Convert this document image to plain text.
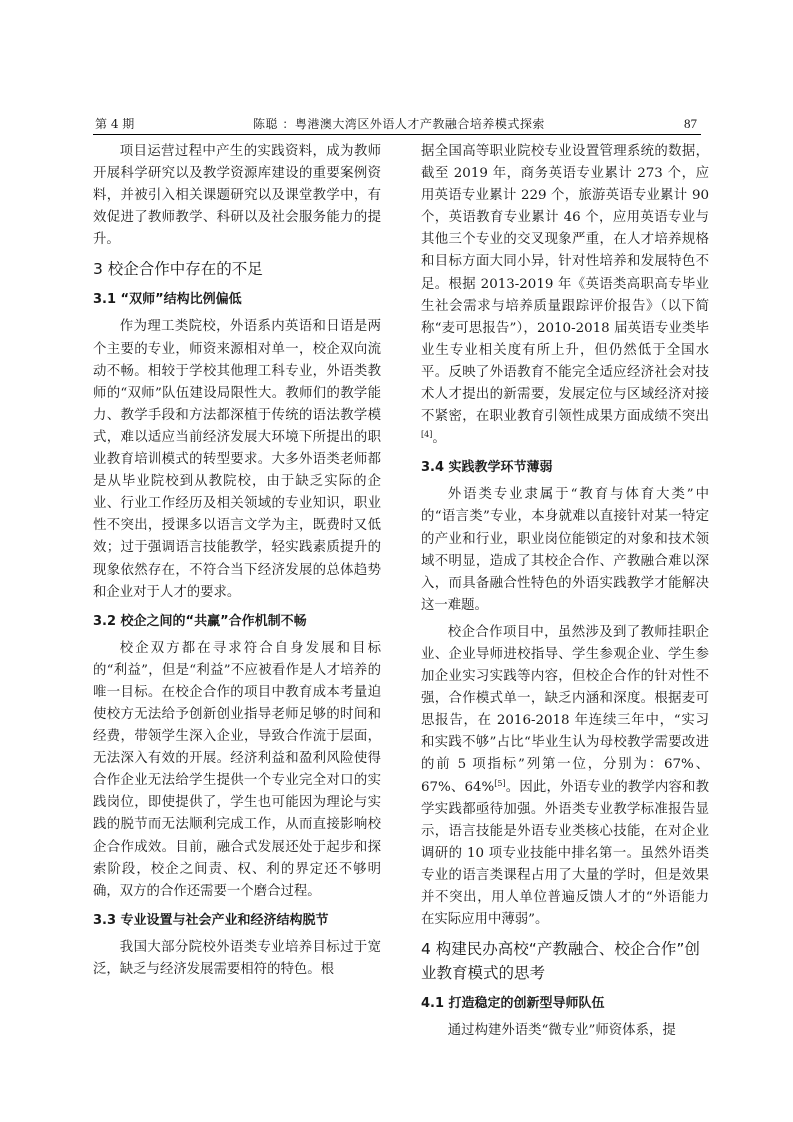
第 4 期	陈聪 ：粤港澳大湾区外语人才产教融合培养模式探索	87

项目运营过程中产生的实践资料，成为教师开展科学研究以及教学资源库建设的重要案例资料，并被引入相关课题研究以及课堂教学中，有效促进了教师教学、科研以及社会服务能力的提升。

3 校企合作中存在的不足
3.1 “双师”结构比例偏低

作为理工类院校，外语系内英语和日语是两个主要的专业，师资来源相对单一，校企双向流动不畅。相较于学校其他理工科专业，外语类教师的“双师”队伍建设局限性大。教师们的教学能力、教学手段和方法都深植于传统的语法教学模式，难以适应当前经济发展大环境下所提出的职业教育培训模式的转型要求。大多外语类老师都是从毕业院校到从教院校，由于缺乏实际的企业、行业工作经历及相关领域的专业知识，职业性不突出，授课多以语言文学为主，既费时又低效；过于强调语言技能教学，轻实践素质提升的现象依然存在，不符合当下经济发展的总体趋势和企业对于人才的要求。

3.2 校企之间的“共赢”合作机制不畅

校企双方都在寻求符合自身发展和目标的“利益”，但是“利益”不应被看作是人才培养的唯一目标。在校企合作的项目中教育成本考量迫使校方无法给予创新创业指导老师足够的时间和经费，带领学生深入企业，导致合作流于层面，无法深入有效的开展。经济利益和盈利风险使得合作企业无法给学生提供一个专业完全对口的实践岗位，即使提供了，学生也可能因为理论与实践的脱节而无法顺利完成工作，从而直接影响校企合作成效。目前，融合式发展还处于起步和探索阶段，校企之间责、权、利的界定还不够明确，双方的合作还需要一个磨合过程。

3.3 专业设置与社会产业和经济结构脱节

我国大部分院校外语类专业培养目标过于宽泛，缺乏与经济发展需要相符的特色。根

据全国高等职业院校专业设置管理系统的数据，截至 2019 年，商务英语专业累计 273 个，应用英语专业累计 229 个，旅游英语专业累计 90 个，英语教育专业累计 46 个，应用英语专业与其他三个专业的交叉现象严重，在人才培养规格和目标方面大同小异，针对性培养和发展特色不足。根据 2013-2019 年《英语类高职高专毕业生社会需求与培养质量跟踪评价报告》（以下简称“麦可思报告”），2010-2018 届英语专业类毕业生专业相关度有所上升，但仍然低于全国水平。反映了外语教育不能完全适应经济社会对技术人才提出的新需要，发展定位与区域经济对接不紧密，在职业教育引领性成果方面成绩不突出[4]。

3.4 实践教学环节薄弱

外语类专业隶属于“教育与体育大类”中的“语言类”专业，本身就难以直接针对某一特定的产业和行业，职业岗位能锁定的对象和技术领域不明显，造成了其校企合作、产教融合难以深入，而具备融合性特色的外语实践教学才能解决这一难题。

校企合作项目中，虽然涉及到了教师挂职企业、企业导师进校指导、学生参观企业、学生参加企业实习实践等内容，但校企合作的针对性不强，合作模式单一，缺乏内涵和深度。根据麦可思报告，在 2016-2018 年连续三年中，“实习和实践不够”占比“毕业生认为母校教学需要改进的前 5 项指标”列第一位，分别为：67%、67%、64%[5]。因此，外语专业的教学内容和教学实践都亟待加强。外语类专业教学标准报告显示，语言技能是外语专业类核心技能，在对企业调研的 10 项专业技能中排名第一。虽然外语类专业的语言类课程占用了大量的学时，但是效果并不突出，用人单位普遍反馈人才的“外语能力在实际应用中薄弱”。

4 构建民办高校“产教融合、校企合作”创业教育模式的思考
4.1 打造稳定的创新型导师队伍

通过构建外语类“微专业”师资体系，提
